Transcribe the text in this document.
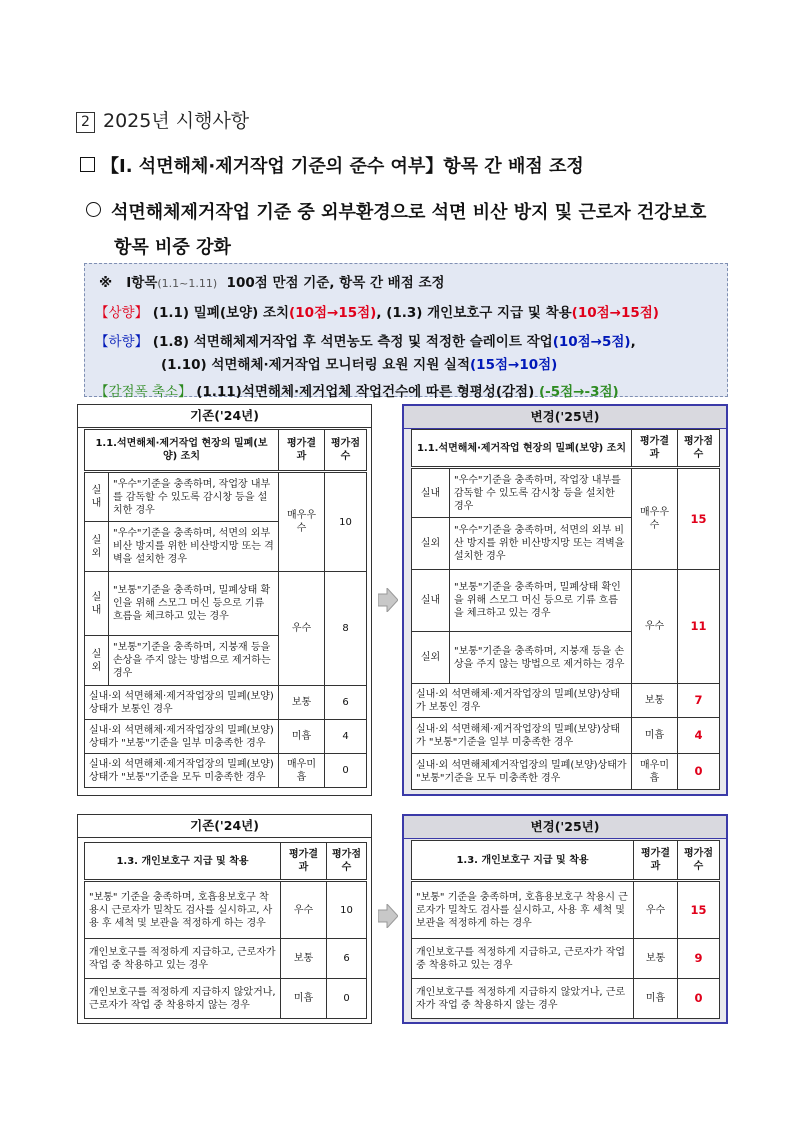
2 2025년 시행사항
【I. 석면해체·제거작업 기준의 준수 여부】항목 간 배점 조정
석면해체제거작업 기준 중 외부환경으로 석면 비산 방지 및 근로자 건강보호
항목 비중 강화
※ Ⅰ항목(1.1~1.11) 100점 만점 기준, 항목 간 배점 조정
【상향】 (1.1) 밀폐(보양) 조치(10점→15점), (1.3) 개인보호구 지급 및 착용(10점→15점)
【하향】 (1.8) 석면해체제거작업 후 석면농도 측정 및 적정한 슬레이트 작업(10점→5점),
(1.10) 석면해체·제거작업 모니터링 요원 지원 실적(15점→10점)
【감점폭 축소】 (1.11)석면해체·제거업체 작업건수에 따른 형평성(감점) (-5점→-3점)
기존('24년)
1.1.석면해체·제거작업 현장의 밀폐(보양) 조치		평가결과	평가점수
실내	"우수"기준을 충족하며, 작업장 내부를 감독할 수 있도록 감시창 등을 설치한 경우	매우우수	10
실외	"우수"기준을 충족하며, 석면의 외부 비산 방지를 위한 비산방지망 또는 격벽을 설치한 경우		
실내	"보통"기준을 충족하며, 밀폐상태 확인을 위해 스모그 머신 등으로 기류 흐름을 체크하고 있는 경우	우수	8
실외	"보통"기준을 충족하며, 지붕재 등을 손상을 주지 않는 방법으로 제거하는 경우		
실내·외 석면해체·제거작업장의 밀폐(보양)상태가 보통인 경우		보통	6
실내·외 석면해체·제거작업장의 밀폐(보양)상태가 "보통"기준을 일부 미충족한 경우		미흡	4
실내·외 석면해체·제거작업장의 밀폐(보양) 상태가 "보통"기준을 모두 미충족한 경우		매우미흡	0
변경('25년)
1.1.석면해체·제거작업 현장의 밀폐(보양) 조치		평가결과	평가점수
실내	"우수"기준을 충족하며, 작업장 내부를 감독할 수 있도록 감시창 등을 설치한 경우	매우우수	15
실외	"우수"기준을 충족하며, 석면의 외부 비산 방지를 위한 비산방지망 또는 격벽을 설치한 경우		
실내	"보통"기준을 충족하며, 밀폐상태 확인을 위해 스모그 머신 등으로 기류 흐름을 체크하고 있는 경우	우수	11
실외	"보통"기준을 충족하며, 지붕재 등을 손상을 주지 않는 방법으로 제거하는 경우		
실내·외 석면해체·제거작업장의 밀폐(보양)상태가 보통인 경우		보통	7
실내·외 석면해체·제거작업장의 밀폐(보양)상태가 "보통"기준을 일부 미충족한 경우		미흡	4
실내·외 석면해체제거작업장의 밀폐(보양)상태가 "보통"기준을 모두 미충족한 경우		매우미흡	0
기존('24년)
1.3. 개인보호구 지급 및 착용	평가결과	평가점수
"보통" 기준을 충족하며, 호흡용보호구 착용시 근로자가 밀착도 검사를 실시하고, 사용 후 세척 및 보관을 적정하게 하는 경우	우수	10
개인보호구를 적정하게 지급하고, 근로자가 작업 중 착용하고 있는 경우	보통	6
개인보호구를 적정하게 지급하지 않았거나, 근로자가 작업 중 착용하지 않는 경우	미흡	0
변경('25년)
1.3. 개인보호구 지급 및 착용	평가결과	평가점수
"보통" 기준을 충족하며, 호흡용보호구 착용시 근로자가 밀착도 검사를 실시하고, 사용 후 세척 및 보관을 적정하게 하는 경우	우수	15
개인보호구를 적정하게 지급하고, 근로자가 작업 중 착용하고 있는 경우	보통	9
개인보호구를 적정하게 지급하지 않았거나, 근로자가 작업 중 착용하지 않는 경우	미흡	0
